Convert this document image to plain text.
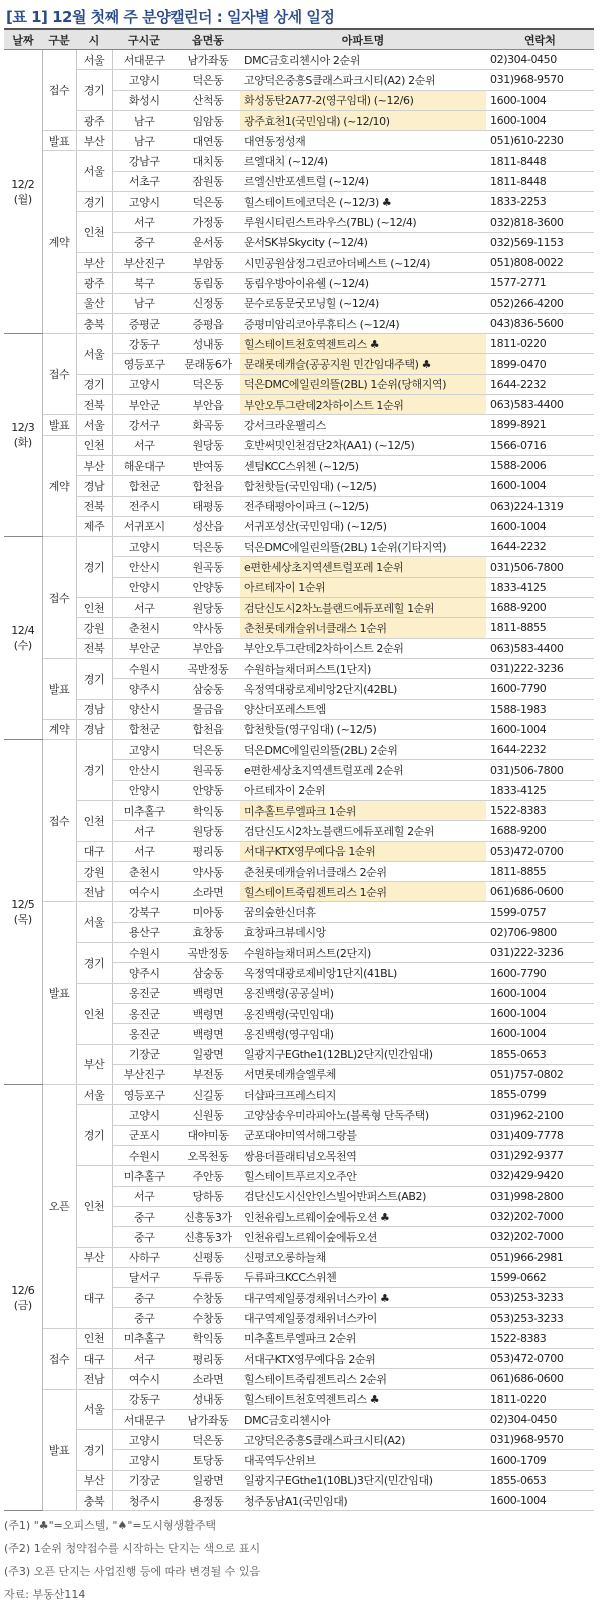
[표 1] 12월 첫째 주 분양캘린더 : 일자별 상세 일정
날짜	구분	시	구시군	읍면동	아파트명	연락처
12/2
(월)	접수	서울	서대문구	남가좌동	DMC금호리첸시아 2순위	02)304-0450
		경기	고양시	덕은동	고양덕은중흥S클래스파크시티(A2) 2순위	031)968-9570
			화성시	산척동	화성동탄2A77-2(영구임대) (~12/6)	1600-1004
		광주	남구	임암동	광주효천1(국민임대) (~12/10)	1600-1004
	발표	부산	남구	대연동	대연동정성재	051)610-2230
	계약	서울	강남구	대치동	르엘대치 (~12/4)	1811-8448
			서초구	잠원동	르엘신반포센트럴 (~12/4)	1811-8448
		경기	고양시	덕은동	힐스테이트에코덕은 (~12/3) ♣	1833-2253
		인천	서구	가정동	루원시티린스트라우스(7BL) (~12/4)	032)818-3600
			중구	운서동	운서SK뷰Skycity (~12/4)	032)569-1153
		부산	부산진구	부암동	시민공원삼정그린코아더베스트 (~12/4)	051)808-0022
		광주	북구	동림동	동림우방아이유쉘 (~12/4)	1577-2771
		울산	남구	신정동	문수로동문굿모닝힐 (~12/4)	052)266-4200
		충북	증평군	증평읍	증평미암리코아루휴티스 (~12/4)	043)836-5600
12/3
(화)	접수	서울	강동구	성내동	힐스테이트천호역젠트리스 ♣	1811-0220
			영등포구	문래동6가	문래롯데캐슬(공공지원 민간임대주택) ♣	1899-0470
		경기	고양시	덕은동	덕은DMC에일린의뜰(2BL) 1순위(당해지역)	1644-2232
		전북	부안군	부안읍	부안오투그란데2차하이스트 1순위	063)583-4400
	발표	서울	강서구	화곡동	강서크라운팰리스	1899-8921
	계약	인천	서구	원당동	호반써밋인천검단2차(AA1) (~12/5)	1566-0716
		부산	해운대구	반여동	센텀KCC스위첸 (~12/5)	1588-2006
		경남	합천군	합천읍	합천핫들(국민임대) (~12/5)	1600-1004
		전북	전주시	태평동	전주태평아이파크 (~12/5)	063)224-1319
		제주	서귀포시	성산읍	서귀포성산(국민임대) (~12/5)	1600-1004
12/4
(수)	접수	경기	고양시	덕은동	덕은DMC에일린의뜰(2BL) 1순위(기타지역)	1644-2232
			안산시	원곡동	e편한세상초지역센트럴포레 1순위	031)506-7800
			안양시	안양동	아르테자이 1순위	1833-4125
		인천	서구	원당동	검단신도시2차노블랜드에듀포레힐 1순위	1688-9200
		강원	춘천시	약사동	춘천롯데캐슬위너클래스 1순위	1811-8855
		전북	부안군	부안읍	부안오투그란데2차하이스트 2순위	063)583-4400
	발표	경기	수원시	곡반정동	수원하늘채더퍼스트(1단지)	031)222-3236
			양주시	삼숭동	옥정역대광로제비앙2단지(42BL)	1600-7790
		경남	양산시	물금읍	양산더포레스트엠	1588-1983
	계약	경남	합천군	합천읍	합천핫들(영구임대) (~12/5)	1600-1004
12/5
(목)	접수	경기	고양시	덕은동	덕은DMC에일린의뜰(2BL) 2순위	1644-2232
			안산시	원곡동	e편한세상초지역센트럴포레 2순위	031)506-7800
			안양시	안양동	아르테자이 2순위	1833-4125
		인천	미추홀구	학익동	미추홀트루엘파크 1순위	1522-8383
			서구	원당동	검단신도시2차노블랜드에듀포레힐 2순위	1688-9200
		대구	서구	평리동	서대구KTX영무예다음 1순위	053)472-0700
		강원	춘천시	약사동	춘천롯데캐슬위너클래스 2순위	1811-8855
		전남	여수시	소라면	힐스테이트죽림젠트리스 1순위	061)686-0600
	발표	서울	강북구	미아동	꿈의숲한신더휴	1599-0757
			용산구	효창동	효창파크뷰데시앙	02)706-9800
		경기	수원시	곡반정동	수원하늘채더퍼스트(2단지)	031)222-3236
			양주시	삼숭동	옥정역대광로제비앙1단지(41BL)	1600-7790
		인천	옹진군	백령면	옹진백령(공공실버)	1600-1004
			옹진군	백령면	옹진백령(국민임대)	1600-1004
			옹진군	백령면	옹진백령(영구임대)	1600-1004
		부산	기장군	일광면	일광지구EGthe1(12BL)2단지(민간임대)	1855-0653
			부산진구	부전동	서면롯데캐슬엘루체	051)757-0802
12/6
(금)	오픈	서울	영등포구	신길동	더샵파크프레스티지	1855-0799
		경기	고양시	신원동	고양삼송우미라피아노(블록형 단독주택)	031)962-2100
			군포시	대야미동	군포대야미역서해그랑블	031)409-7778
			수원시	오목천동	쌍용더플래티넘오목천역	031)292-9377
		인천	미추홀구	주안동	힐스테이트푸르지오주안	032)429-9420
			서구	당하동	검단신도시신안인스빌어반퍼스트(AB2)	031)998-2800
			중구	신흥동3가	인천유림노르웨이숲에듀오션 ♣	032)202-7000
			중구	신흥동3가	인천유림노르웨이숲에듀오션	032)202-7000
		부산	사하구	신평동	신평코오롱하늘채	051)966-2981
		대구	달서구	두류동	두류파크KCC스위첸	1599-0662
			중구	수창동	대구역제일풍경채위너스카이 ♣	053)253-3233
			중구	수창동	대구역제일풍경채위너스카이	053)253-3233
	접수	인천	미추홀구	학익동	미추홀트루엘파크 2순위	1522-8383
		대구	서구	평리동	서대구KTX영무예다음 2순위	053)472-0700
		전남	여수시	소라면	힐스테이트죽림젠트리스 2순위	061)686-0600
	발표	서울	강동구	성내동	힐스테이트천호역젠트리스 ♣	1811-0220
			서대문구	남가좌동	DMC금호리첸시아	02)304-0450
		경기	고양시	덕은동	고양덕은중흥S클래스파크시티(A2)	031)968-9570
			고양시	토당동	대곡역두산위브	1600-1709
		부산	기장군	일광면	일광지구EGthe1(10BL)3단지(민간임대)	1855-0653
		충북	청주시	용정동	청주동남A1(국민임대)	1600-1004
(주1) "♣"=오피스텔, "♠"=도시형생활주택
(주2) 1순위 청약접수를 시작하는 단지는 색으로 표시
(주3) 오픈 단지는 사업진행 등에 따라 변경될 수 있음
자료: 부동산114
